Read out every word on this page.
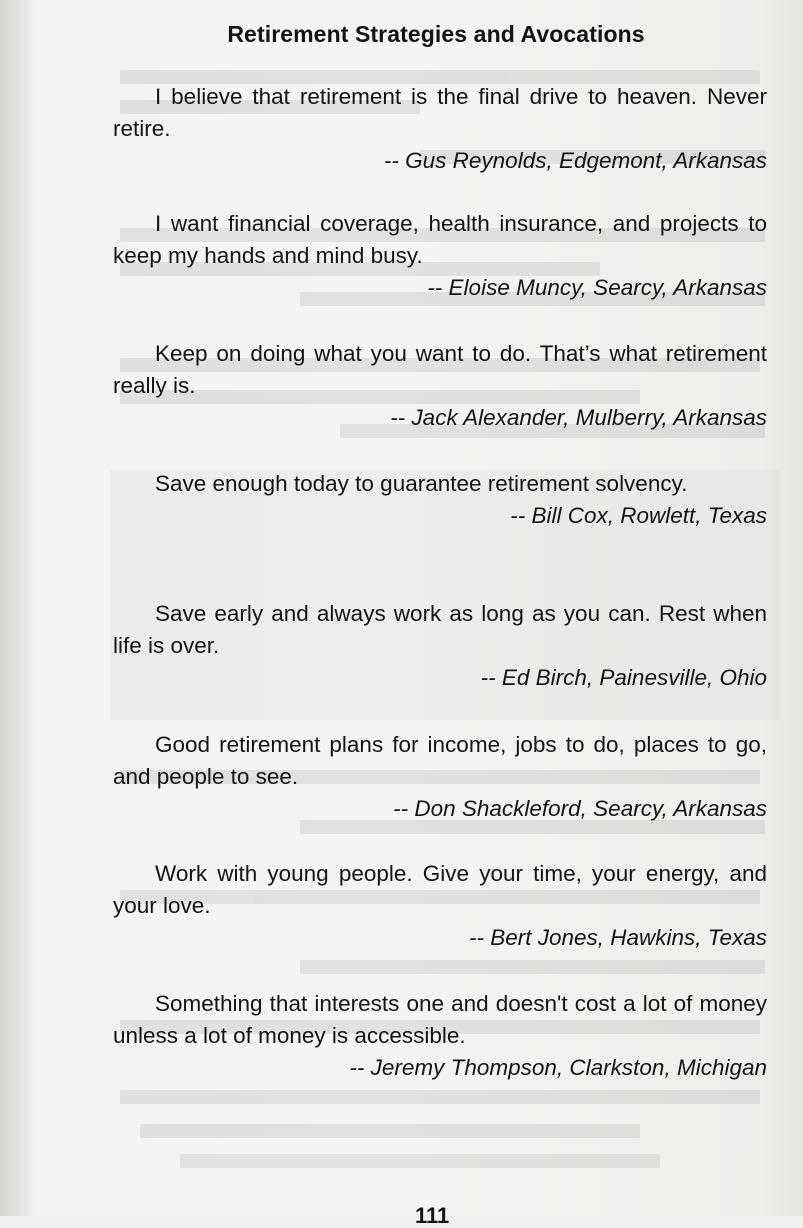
Retirement Strategies and Avocations

I believe that retirement is the final drive to heaven. Never retire.

-- Gus Reynolds, Edgemont, Arkansas

I want financial coverage, health insurance, and projects to keep my hands and mind busy.

-- Eloise Muncy, Searcy, Arkansas

Keep on doing what you want to do. That’s what retirement really is.

-- Jack Alexander, Mulberry, Arkansas

Save enough today to guarantee retirement solvency.

-- Bill Cox, Rowlett, Texas

Save early and always work as long as you can. Rest when life is over.

-- Ed Birch, Painesville, Ohio

Good retirement plans for income, jobs to do, places to go, and people to see.

-- Don Shackleford, Searcy, Arkansas

Work with young people. Give your time, your energy, and your love.

-- Bert Jones, Hawkins, Texas

Something that interests one and doesn't cost a lot of money unless a lot of money is accessible.

-- Jeremy Thompson, Clarkston, Michigan

111
